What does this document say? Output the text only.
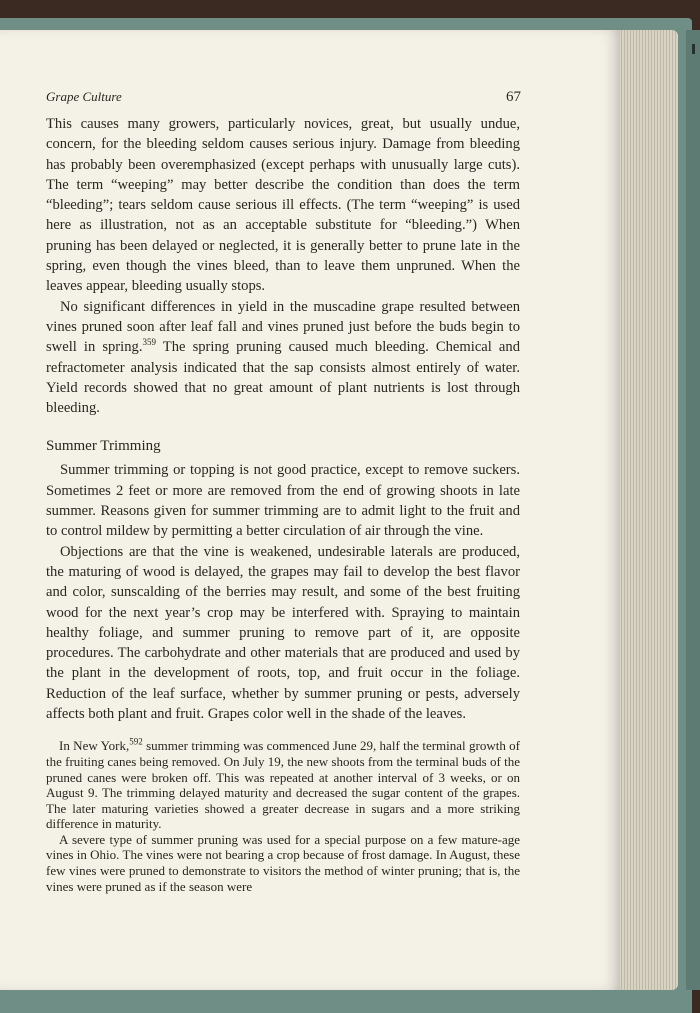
Grape Culture	67

This causes many growers, particularly novices, great, but usually undue, concern, for the bleeding seldom causes serious injury. Damage from bleeding has probably been overemphasized (except perhaps with unusually large cuts). The term “weeping” may better describe the condition than does the term “bleeding”; tears seldom cause serious ill effects. (The term “weeping” is used here as illustration, not as an acceptable substitute for “bleeding.”) When pruning has been delayed or neglected, it is generally better to prune late in the spring, even though the vines bleed, than to leave them unpruned. When the leaves appear, bleeding usually stops.

No significant differences in yield in the muscadine grape resulted between vines pruned soon after leaf fall and vines pruned just before the buds begin to swell in spring.$^{359}$ The spring pruning caused much bleeding. Chemical and refractometer analysis indicated that the sap consists almost entirely of water. Yield records showed that no great amount of plant nutrients is lost through bleeding.

Summer Trimming

Summer trimming or topping is not good practice, except to remove suckers. Sometimes 2 feet or more are removed from the end of growing shoots in late summer. Reasons given for summer trimming are to admit light to the fruit and to control mildew by permitting a better circulation of air through the vine.

Objections are that the vine is weakened, undesirable laterals are produced, the maturing of wood is delayed, the grapes may fail to develop the best flavor and color, sunscalding of the berries may result, and some of the best fruiting wood for the next year’s crop may be interfered with. Spraying to maintain healthy foliage, and summer pruning to remove part of it, are opposite procedures. The carbohydrate and other materials that are produced and used by the plant in the development of roots, top, and fruit occur in the foliage. Reduction of the leaf surface, whether by summer pruning or pests, adversely affects both plant and fruit. Grapes color well in the shade of the leaves.

In New York,$^{592}$ summer trimming was commenced June 29, half the terminal growth of the fruiting canes being removed. On July 19, the new shoots from the terminal buds of the pruned canes were broken off. This was repeated at another interval of 3 weeks, or on August 9. The trimming delayed maturity and decreased the sugar content of the grapes. The later maturing varieties showed a greater decrease in sugars and a more striking difference in maturity.

A severe type of summer pruning was used for a special purpose on a few mature-age vines in Ohio. The vines were not bearing a crop because of frost damage. In August, these few vines were pruned to demonstrate to visitors the method of winter pruning; that is, the vines were pruned as if the season were
